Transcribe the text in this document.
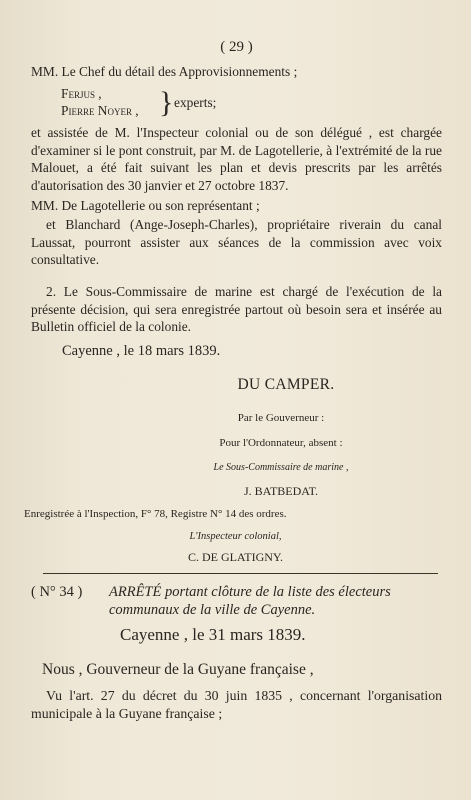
( 29 )
MM. Le Chef du détail des Approvisionnements ;
Ferjus ,
Pierre Noyer , } experts;

et assistée de M. l'Inspecteur colonial ou de son délégué , est chargée d'examiner si le pont construit, par M. de Lagotellerie, à l'extrémité de la rue Malouet, a été fait suivant les plan et devis prescrits par les arrêtés d'autorisation des 30 janvier et 27 octobre 1837.

MM. De Lagotellerie ou son représentant ;

et Blanchard (Ange-Joseph-Charles), propriétaire riverain du canal Laussat, pourront assister aux séances de la commission avec voix consultative.

2. Le Sous-Commissaire de marine est chargé de l'exécution de la présente décision, qui sera enregistrée partout où besoin sera et insérée au Bulletin officiel de la colonie.

Cayenne , le 18 mars 1839.
DU CAMPER.
Par le Gouverneur :
Pour l'Ordonnateur, absent :
Le Sous-Commissaire de marine ,
J. BATBEDAT.
Enregistrée à l'Inspection, F° 78, Registre N° 14 des ordres.
L'Inspecteur colonial,
C. DE GLATIGNY.
( N° 34 ) ARRÊTÉ portant clôture de la liste des électeurs
communaux de la ville de Cayenne.
Cayenne , le 31 mars 1839.
Nous , Gouverneur de la Guyane française ,

Vu l'art. 27 du décret du 30 juin 1835 , concernant l'organisation municipale à la Guyane française ;
